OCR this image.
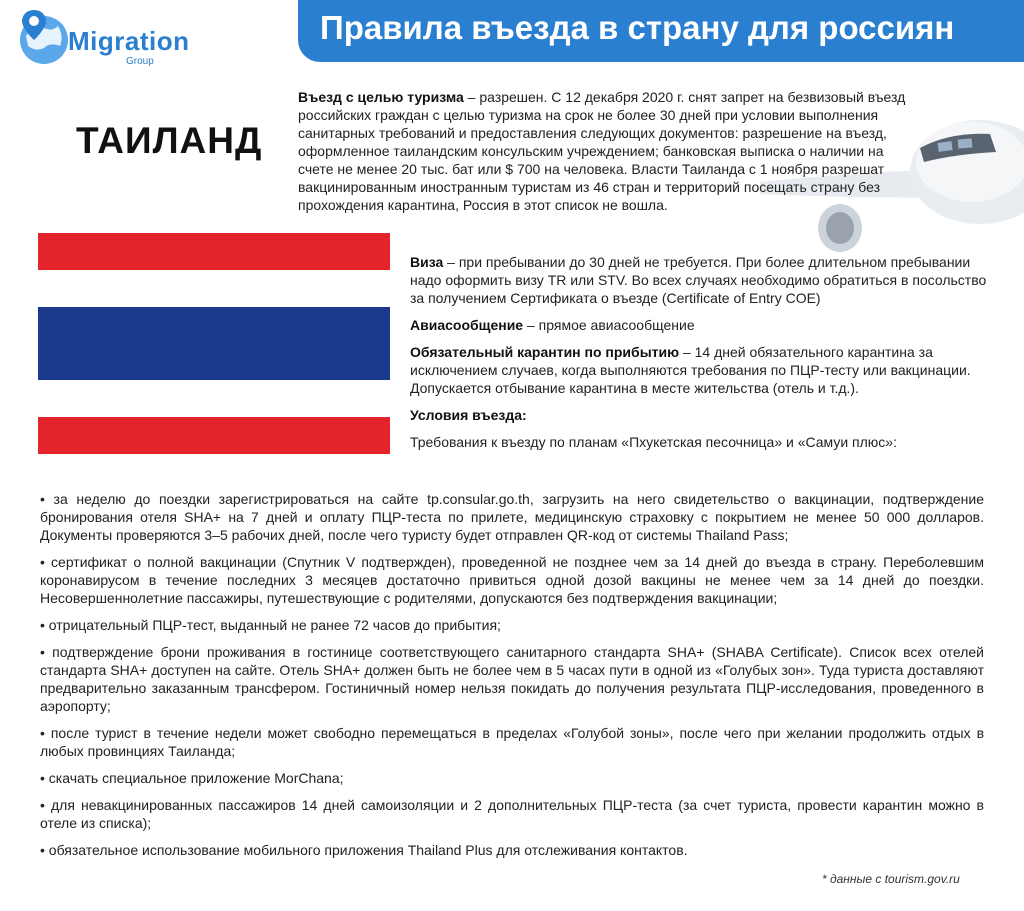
Migration
Group
Правила въезда в страну для россиян
ТАИЛАНД
Въезд с целью туризма – разрешен. С 12 декабря 2020 г. снят запрет на безвизовый въезд российских граждан с целью туризма на срок не более 30 дней при условии выполнения санитарных требований и предоставления следующих документов: разрешение на въезд, оформленное таиландским консульским учреждением; банковская выписка о наличии на счете не менее 20 тыс. бат или $ 700 на человека. Власти Таиланда с 1 ноября разрешат вакцинированным иностранным туристам из 46 стран и территорий посещать страну без прохождения карантина, Россия в этот список не вошла.

Виза – при пребывании до 30 дней не требуется. При более длительном пребывании надо оформить визу TR или STV. Во всех случаях необходимо обратиться в посольство за получением Сертификата о въезде (Certificate of Entry COE)

Авиасообщение – прямое авиасообщение

Обязательный карантин по прибытию – 14 дней обязательного карантина за исключением случаев, когда выполняются требования по ПЦР-тесту или вакцинации. Допускается отбывание карантина в месте жительства (отель и т.д.).

Условия въезда:

Требования к въезду по планам «Пхукетская песочница» и «Самуи плюс»:

• за неделю до поездки зарегистрироваться на сайте tp.consular.go.th, загрузить на него свидетельство о вакцинации, подтверждение бронирования отеля SHA+ на 7 дней и оплату ПЦР-теста по прилете, медицинскую страховку с покрытием не менее 50 000 долларов. Документы проверяются 3–5 рабочих дней, после чего туристу будет отправлен QR-код от системы Thailand Pass;
• сертификат о полной вакцинации (Спутник V подтвержден), проведенной не позднее чем за 14 дней до въезда в страну. Переболевшим коронавирусом в течение последних 3 месяцев достаточно привиться одной дозой вакцины не менее чем за 14 дней до поездки. Несовершеннолетние пассажиры, путешествующие с родителями, допускаются без подтверждения вакцинации;
• отрицательный ПЦР-тест, выданный не ранее 72 часов до прибытия;
• подтверждение брони проживания в гостинице соответствующего санитарного стандарта SHA+ (SHABA Certificate). Список всех отелей стандарта SHA+ доступен на сайте. Отель SHA+ должен быть не более чем в 5 часах пути в одной из «Голубых зон». Туда туриста доставляют предварительно заказанным трансфером. Гостиничный номер нельзя покидать до получения результата ПЦР-исследования, проведенного в аэропорту;
• после турист в течение недели может свободно перемещаться в пределах «Голубой зоны», после чего при желании продолжить отдых в любых провинциях Таиланда;
• скачать специальное приложение MorChana;
• для невакцинированных пассажиров 14 дней самоизоляции и 2 дополнительных ПЦР-теста (за счет туриста, провести карантин можно в отеле из списка);
• обязательное использование мобильного приложения Thailand Plus для отслеживания контактов.
* данные с tourism.gov.ru
